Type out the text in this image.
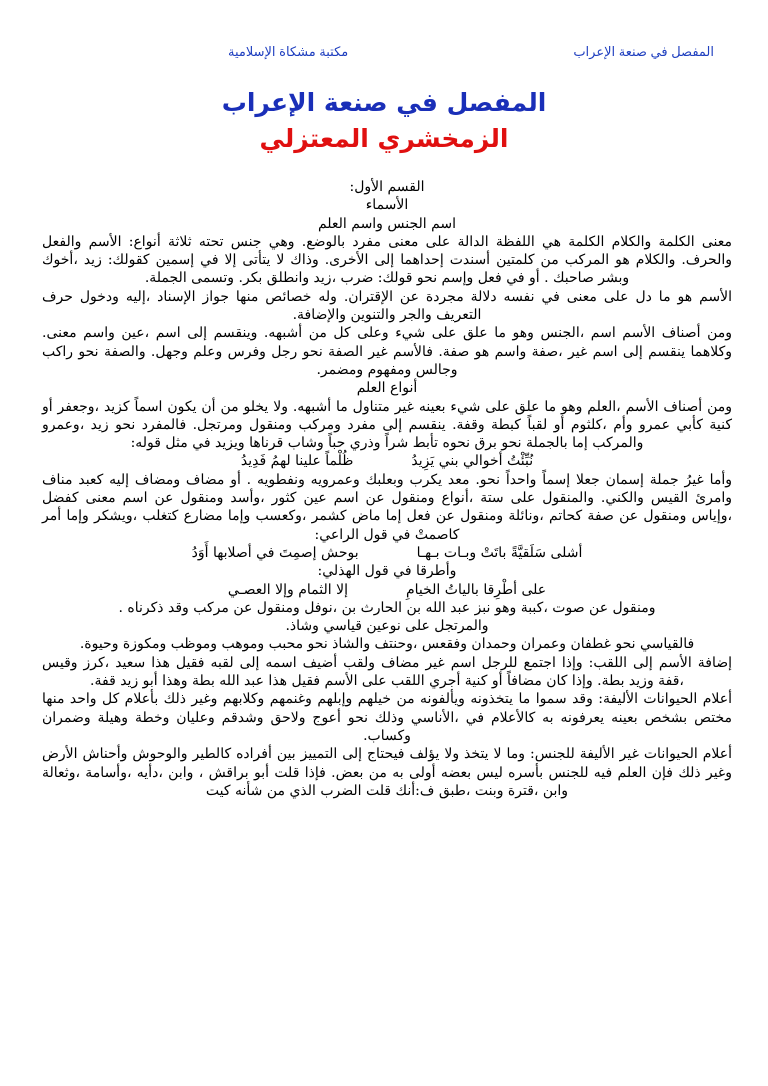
المفصل في صنعة الإعراب
مكتبة مشكاة الإسلامية
المفصل في صنعة الإعراب
الزمخشري المعتزلي

القسم الأول:

الأسماء

اسم الجنس واسم العلم

معنى الكلمة والكلام الكلمة هي اللفظة الدالة على معنى مفرد بالوضع. وهي جنس تحته ثلاثة أنواع: الأسم والفعل والحرف. والكلام هو المركب من كلمتين أسندت إحداهما إلى الأخرى. وذاك لا يتأتى إلا في إسمين كقولك: زيد ،أخوك وبشر صاحبك . أو في فعل وإسم نحو قولك: ضرب ،زيد وانطلق بكر. وتسمى الجملة.

الأسم هو ما دل على معنى في نفسه دلالة مجردة عن الإقتران. وله خصائص منها جواز الإسناد ،إليه ودخول حرف التعريف والجر والتنوين والإضافة.

ومن أصناف الأسم اسم ،الجنس وهو ما علق على شيء وعلى كل من أشبهه. وينقسم إلى اسم ،عين واسم معنى. وكلاهما ينقسم إلى اسم غير ،صفة واسم هو صفة. فالأسم غير الصفة نحو رجل وفرس وعلم وجهل. والصفة نحو راكب وجالس ومفهوم ومضمر.

أنواع العلم

ومن أصناف الأسم ،العلم وهو ما علق على شيء بعينه غير متناول ما أشبهه. ولا يخلو من أن يكون اسماً كزيد ،وجعفر أو كنية كأبي عمرو وأم ،كلثوم أو لقباً كبطة وقفة. ينقسم إلى مفرد ومركب ومنقول ومرتجل. فالمفرد نحو زيد ،وعمرو والمركب إما بالجملة نحو برق نحوه تأبط شراً وذري حباً وشاب قرناها ويزيد في مثل قوله:

نُبِّئْتُ أخوالي بني يَزِيدُ
ظُلْماً علينا لهمُ فَدِيدُ

وأما غيرُ جملة إسمان جعلا إسماً واحداً نحو. معد يكرب وبعلبك وعمرويه ونفطويه . أو مضاف ومضاف إليه كعبد مناف وامرئ القيس والكني. والمنقول على ستة ،أنواع ومنقول عن اسم عين كثور ،وأسد ومنقول عن اسم معنى كفضل ،وإياس ومنقول عن صفة كحاتم ،ونائلة ومنقول عن فعل إما ماض كشمر ،وكعسب وإما مضارع كتغلب ،ويشكر وإما أمر كاصمتْ في قول الراعي:

أشلى سَلَقيَّةً باتَتْ وبـات بـهـا
بوحش إصمِتَ في أصلابها أَوَدُ

وأطرقا في قول الهذلي:

على أطْرِقا بالياتُ الخيامِ
إلا الثمام وإلا العصـي

ومنقول عن صوت ،كببة وهو نبز عبد الله بن الحارث بن ،نوفل ومنقول عن مركب وقد ذكرناه .

والمرتجل على نوعين قياسي وشاذ.

فالقياسي نحو غطفان وعمران وحمدان وفقعس ،وحنتف والشاذ نحو محبب وموهب وموظب ومكوزة وحيوة.

إضافة الأسم إلى اللقب: وإذا اجتمع للرجل اسم غير مضاف ولقب أضيف اسمه إلى لقبه فقيل هذا سعيد ،كرز وقيس ،قفة وزيد بطة. وإذا كان مضافاً أو كنية أجري اللقب على الأسم فقيل هذا عبد الله بطة وهذا أبو زيد قفة.

أعلام الحيوانات الأليفة: وقد سموا ما يتخذونه ويألفونه من خيلهم وإبلهم وغنمهم وكلابهم وغير ذلك بأعلام كل واحد منها مختص بشخص بعينه يعرفونه به كالأعلام في ،الأناسي وذلك نحو أعوج ولاحق وشدقم وعليان وخطة وهيلة وضمران وكساب.

أعلام الحيوانات غير الأليفة للجنس: وما لا يتخذ ولا يؤلف فيحتاج إلى التمييز بين أفراده كالطير والوحوش وأحناش الأرض وغير ذلك فإن العلم فيه للجنس بأسره ليس بعضه أولى به من بعض. فإذا قلت أبو براقش ، وابن ،دأيه ،وأسامة ،وثعالة وابن ،قترة وبنت ،طبق ف:أنك قلت الضرب الذي من شأنه كيت
